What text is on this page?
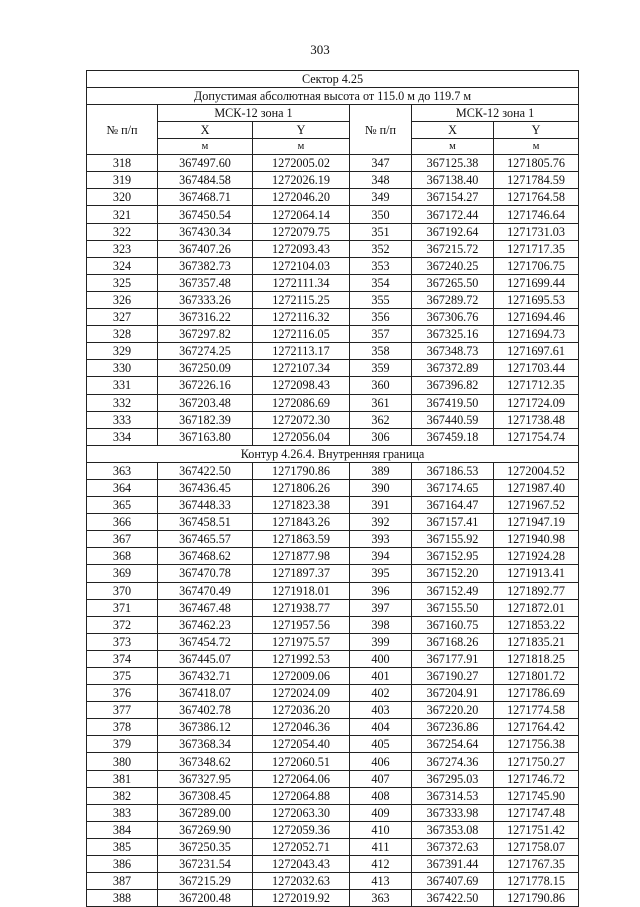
303
Сектор 4.25					
Допустимая абсолютная высота от 115.0 м до 119.7 м					
№ п/п	МСК-12 зона 1		№ п/п	МСК-12 зона 1	
	X	Y		X	Y
	м	м		м	м
318	367497.60	1272005.02	347	367125.38	1271805.76
319	367484.58	1272026.19	348	367138.40	1271784.59
320	367468.71	1272046.20	349	367154.27	1271764.58
321	367450.54	1272064.14	350	367172.44	1271746.64
322	367430.34	1272079.75	351	367192.64	1271731.03
323	367407.26	1272093.43	352	367215.72	1271717.35
324	367382.73	1272104.03	353	367240.25	1271706.75
325	367357.48	1272111.34	354	367265.50	1271699.44
326	367333.26	1272115.25	355	367289.72	1271695.53
327	367316.22	1272116.32	356	367306.76	1271694.46
328	367297.82	1272116.05	357	367325.16	1271694.73
329	367274.25	1272113.17	358	367348.73	1271697.61
330	367250.09	1272107.34	359	367372.89	1271703.44
331	367226.16	1272098.43	360	367396.82	1271712.35
332	367203.48	1272086.69	361	367419.50	1271724.09
333	367182.39	1272072.30	362	367440.59	1271738.48
334	367163.80	1272056.04	306	367459.18	1271754.74
Контур 4.26.4. Внутренняя граница					
363	367422.50	1271790.86	389	367186.53	1272004.52
364	367436.45	1271806.26	390	367174.65	1271987.40
365	367448.33	1271823.38	391	367164.47	1271967.52
366	367458.51	1271843.26	392	367157.41	1271947.19
367	367465.57	1271863.59	393	367155.92	1271940.98
368	367468.62	1271877.98	394	367152.95	1271924.28
369	367470.78	1271897.37	395	367152.20	1271913.41
370	367470.49	1271918.01	396	367152.49	1271892.77
371	367467.48	1271938.77	397	367155.50	1271872.01
372	367462.23	1271957.56	398	367160.75	1271853.22
373	367454.72	1271975.57	399	367168.26	1271835.21
374	367445.07	1271992.53	400	367177.91	1271818.25
375	367432.71	1272009.06	401	367190.27	1271801.72
376	367418.07	1272024.09	402	367204.91	1271786.69
377	367402.78	1272036.20	403	367220.20	1271774.58
378	367386.12	1272046.36	404	367236.86	1271764.42
379	367368.34	1272054.40	405	367254.64	1271756.38
380	367348.62	1272060.51	406	367274.36	1271750.27
381	367327.95	1272064.06	407	367295.03	1271746.72
382	367308.45	1272064.88	408	367314.53	1271745.90
383	367289.00	1272063.30	409	367333.98	1271747.48
384	367269.90	1272059.36	410	367353.08	1271751.42
385	367250.35	1272052.71	411	367372.63	1271758.07
386	367231.54	1272043.43	412	367391.44	1271767.35
387	367215.29	1272032.63	413	367407.69	1271778.15
388	367200.48	1272019.92	363	367422.50	1271790.86
